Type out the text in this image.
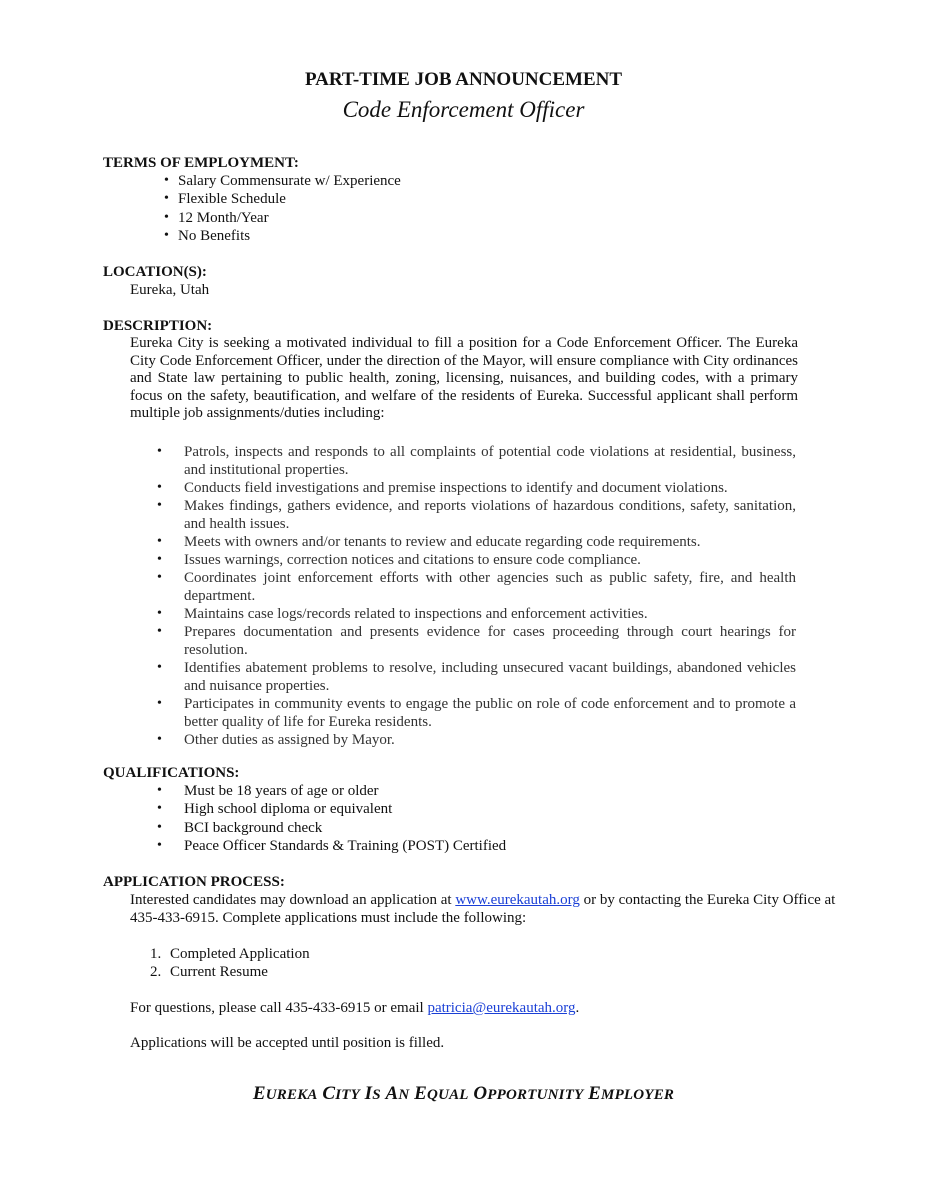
PART-TIME JOB ANNOUNCEMENT
Code Enforcement Officer

TERMS OF EMPLOYMENT:

• Salary Commensurate w/ Experience
• Flexible Schedule
• 12 Month/Year
• No Benefits

LOCATION(S):

Eureka, Utah

DESCRIPTION:

Eureka City is seeking a motivated individual to fill a position for a Code Enforcement Officer. The Eureka City Code Enforcement Officer, under the direction of the Mayor, will ensure compliance with City ordinances and State law pertaining to public health, zoning, licensing, nuisances, and building codes, with a primary focus on the safety, beautification, and welfare of the residents of Eureka. Successful applicant shall perform multiple job assignments/duties including:
• Patrols, inspects and responds to all complaints of potential code violations at residential, business, and institutional properties.
• Conducts field investigations and premise inspections to identify and document violations.
• Makes findings, gathers evidence, and reports violations of hazardous conditions, safety, sanitation, and health issues.
• Meets with owners and/or tenants to review and educate regarding code requirements.
• Issues warnings, correction notices and citations to ensure code compliance.
• Coordinates joint enforcement efforts with other agencies such as public safety, fire, and health department.
• Maintains case logs/records related to inspections and enforcement activities.
• Prepares documentation and presents evidence for cases proceeding through court hearings for resolution.
• Identifies abatement problems to resolve, including unsecured vacant buildings, abandoned vehicles and nuisance properties.
• Participates in community events to engage the public on role of code enforcement and to promote a better quality of life for Eureka residents.
• Other duties as assigned by Mayor.

QUALIFICATIONS:

• Must be 18 years of age or older
• High school diploma or equivalent
• BCI background check
• Peace Officer Standards & Training (POST) Certified

APPLICATION PROCESS:

Interested candidates may download an application at www.eurekautah.org or by contacting the Eureka City Office at 435-433-6915. Complete applications must include the following:
1. Completed Application
2. Current Resume
For questions, please call 435-433-6915 or email patricia@eurekautah.org.
Applications will be accepted until position is filled.
EUREKA CITY IS AN EQUAL OPPORTUNITY EMPLOYER
